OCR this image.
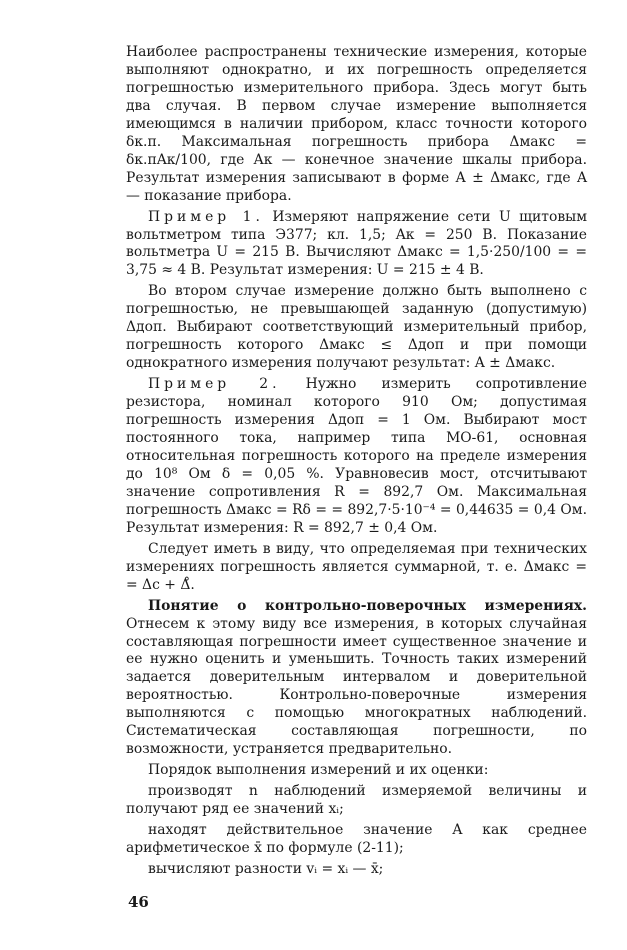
Наиболее распространены технические измерения, которые выполняют однократно, и их погрешность определяется погрешностью измерительного прибора. Здесь могут быть два случая. В первом случае измерение выполняется имеющимся в наличии прибором, класс точности которого δк.п. Максимальная погрешность прибора Δмакс = δк.пAк/100, где Aк — конечное значение шкалы прибора. Результат измерения записывают в форме A ± Δмакс, где A — показание прибора.

Пример 1. Измеряют напряжение сети U щитовым вольтметром типа Э377; кл. 1,5; Aк = 250 В. Показание вольтметра U = 215 В. Вычисляют Δмакс = 1,5·250/100 = = 3,75 ≈ 4 В. Результат измерения: U = 215 ± 4 В.

Во втором случае измерение должно быть выполнено с погрешностью, не превышающей заданную (допустимую) Δдоп. Выбирают соответствующий измерительный прибор, погрешность которого Δмакс ≤ Δдоп и при помощи однократного измерения получают результат: A ± Δмакс.

Пример 2. Нужно измерить сопротивление резистора, номинал которого 910 Ом; допустимая погрешность измерения Δдоп = 1 Ом. Выбирают мост постоянного тока, например типа МО-61, основная относительная погрешность которого на пределе измерения до 10⁸ Ом δ = 0,05 %. Уравновесив мост, отсчитывают значение сопротивления R = 892,7 Ом. Максимальная погрешность Δмакс = Rδ = = 892,7·5·10⁻⁴ = 0,44635 = 0,4 Ом. Результат измерения: R = 892,7 ± 0,4 Ом.

Следует иметь в виду, что определяемая при технических измерениях погрешность является суммарной, т. е. Δмакс = = Δс + Δ̊.

Понятие о контрольно-поверочных измерениях. Отнесем к этому виду все измерения, в которых случайная составляющая погрешности имеет существенное значение и ее нужно оценить и уменьшить. Точность таких измерений задается доверительным интервалом и доверительной вероятностью. Контрольно-поверочные измерения выполняются с помощью многократных наблюдений. Систематическая составляющая погрешности, по возможности, устраняется предварительно.

Порядок выполнения измерений и их оценки:

производят n наблюдений измеряемой величины и получают ряд ее значений xᵢ;

находят действительное значение A как среднее арифметическое x̄ по формуле (2-11);

вычисляют разности vᵢ = xᵢ — x̄;

46
